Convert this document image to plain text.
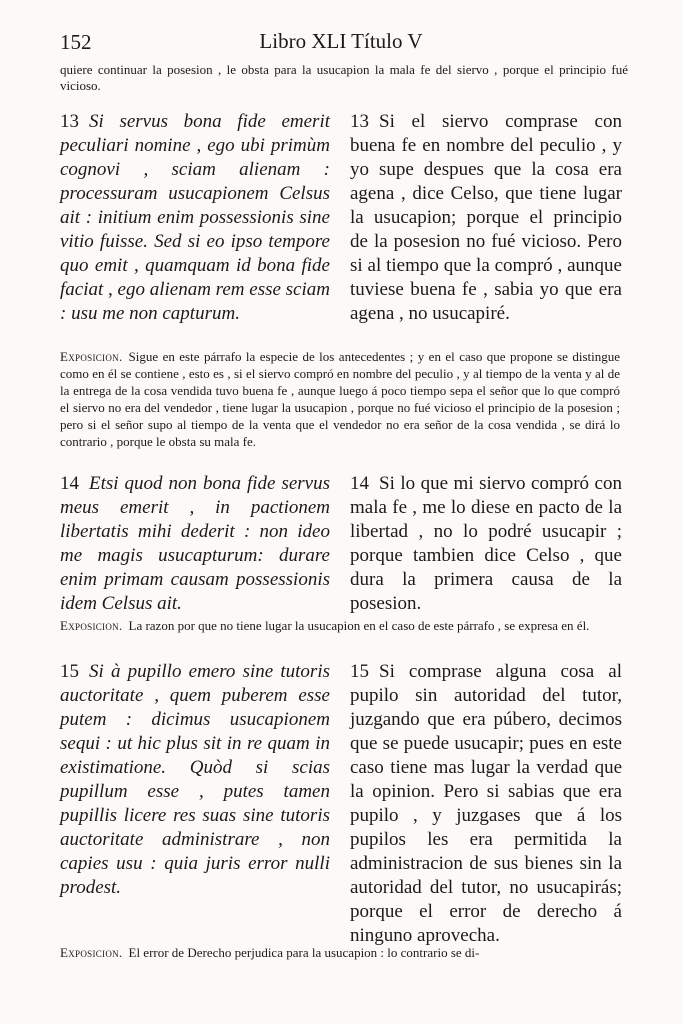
152	Libro XLI Título V
quiere continuar la posesion , le obsta para la usucapion la mala fe del siervo , porque el principio fué vicioso.
13 Si servus bona fide emerit peculiari nomine , ego ubi primùm cognovi , sciam alienam : processuram usucapionem Celsus ait : initium enim possessionis sine vitio fuisse. Sed si eo ipso tempore quo emit , quamquam id bona fide faciat , ego alienam rem esse sciam : usu me non capturum.
13 Si el siervo comprase con buena fe en nombre del peculio , y yo supe despues que la cosa era agena , dice Celso, que tiene lugar la usucapion; porque el principio de la posesion no fué vicioso. Pero si al tiempo que la compró , aunque tuviese buena fe , sabia yo que era agena , no usucapiré.
Exposicion. Sigue en este párrafo la especie de los antecedentes ; y en el caso que propone se distingue como en él se contiene , esto es , si el siervo compró en nombre del peculio , y al tiempo de la venta y al de la entrega de la cosa vendida tuvo buena fe , aunque luego á poco tiempo sepa el señor que lo que compró el siervo no era del vendedor , tiene lugar la usucapion , porque no fué vicioso el principio de la posesion ; pero si el señor supo al tiempo de la venta que el vendedor no era señor de la cosa vendida , se dirá lo contrario , porque le obsta su mala fe.
14 Etsi quod non bona fide servus meus emerit , in pactionem libertatis mihi dederit : non ideo me magis usucapturum: durare enim primam causam possessionis idem Celsus ait.
14 Si lo que mi siervo compró con mala fe , me lo diese en pacto de la libertad , no lo podré usucapir ; porque tambien dice Celso , que dura la primera causa de la posesion.
Exposicion. La razon por que no tiene lugar la usucapion en el caso de este párrafo , se expresa en él.
15 Si à pupillo emero sine tutoris auctoritate , quem puberem esse putem : dicimus usucapionem sequi : ut hic plus sit in re quam in existimatione. Quòd si scias pupillum esse , putes tamen pupillis licere res suas sine tutoris auctoritate administrare , non capies usu : quia juris error nulli prodest.
15 Si comprase alguna cosa al pupilo sin autoridad del tutor, juzgando que era púbero, decimos que se puede usucapir; pues en este caso tiene mas lugar la verdad que la opinion. Pero si sabias que era pupilo , y juzgases que á los pupilos les era permitida la administracion de sus bienes sin la autoridad del tutor, no usucapirás; porque el error de derecho á ninguno aprovecha.
Exposicion. El error de Derecho perjudica para la usucapion : lo contrario se di-
